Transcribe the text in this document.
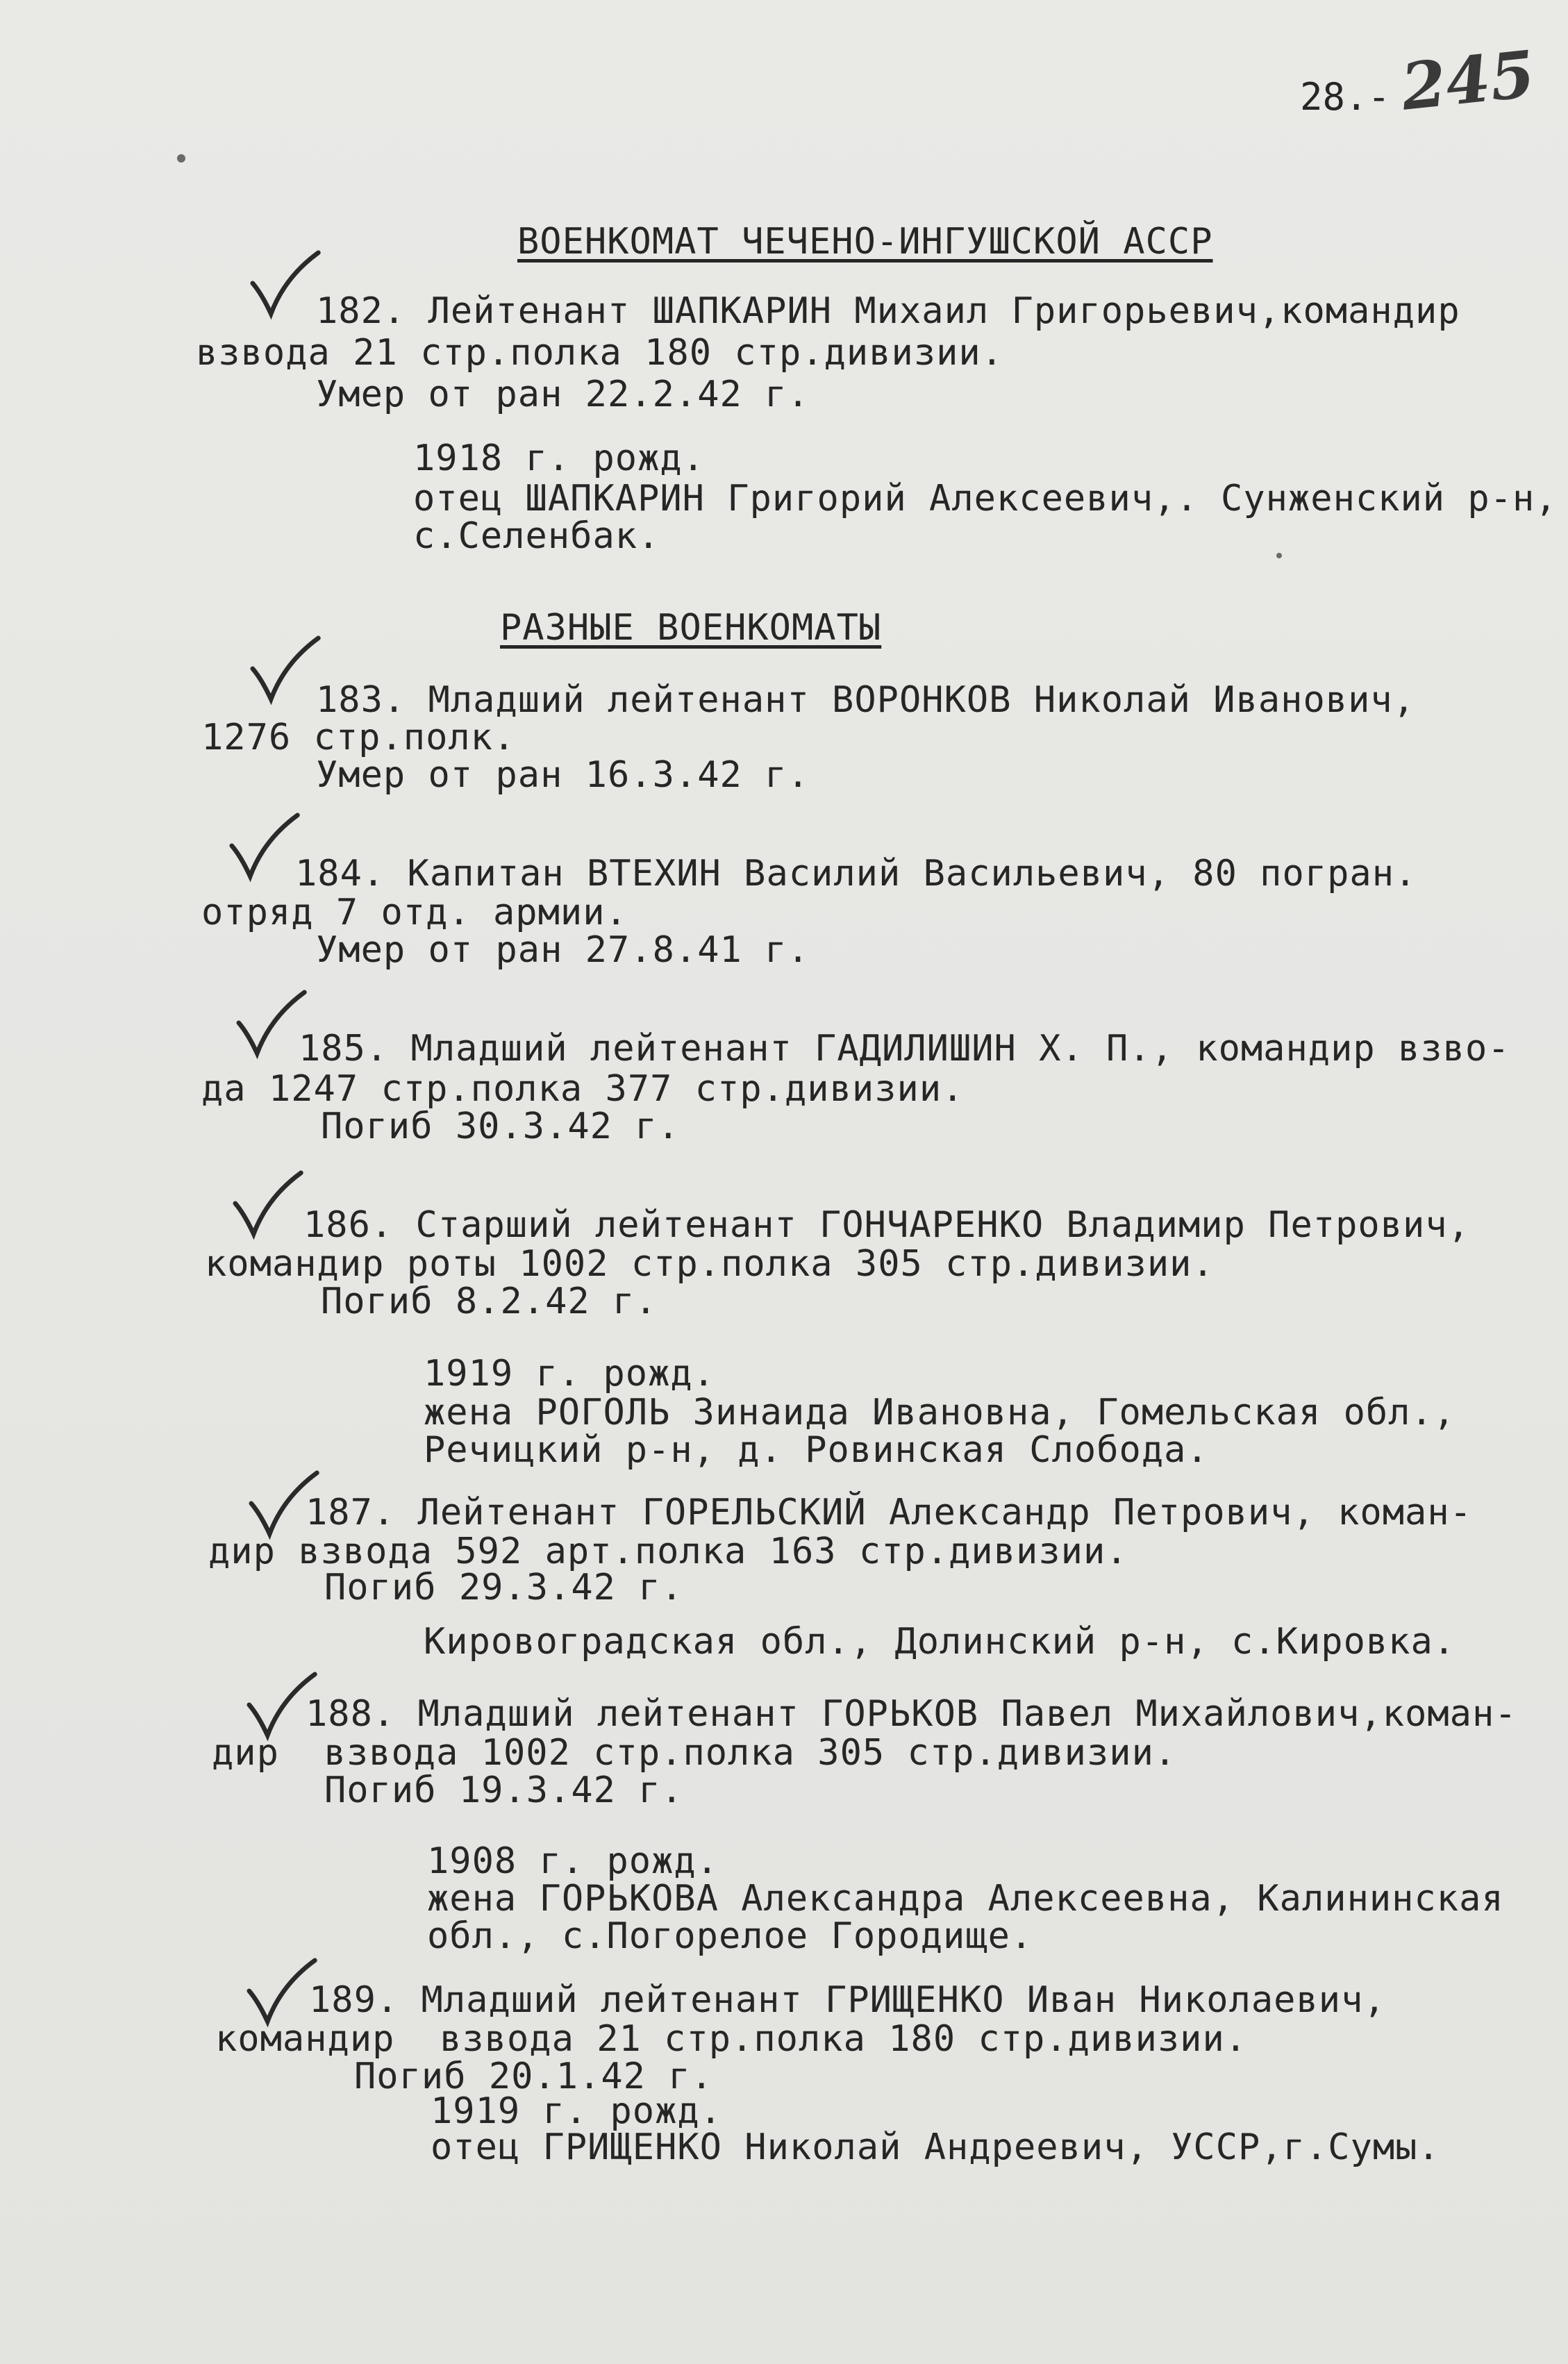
28.- 245
ВОЕНКОМАТ ЧЕЧЕНО-ИНГУШСКОЙ АССР
182. Лейтенант ШАПКАРИН Михаил Григорьевич,командир
взвода 21 стр.полка 180 стр.дивизии.
Умер от ран 22.2.42 г.
1918 г. рожд.
отец ШАПКАРИН Григорий Алексеевич,. Сунженский р-н,
с.Селенбак.
РАЗНЫЕ ВОЕНКОМАТЫ
183. Младший лейтенант ВОРОНКОВ Николай Иванович,
1276 стр.полк.
Умер от ран 16.3.42 г.
184. Капитан ВТЕХИН Василий Васильевич, 80 погран.
отряд 7 отд. армии.
Умер от ран 27.8.41 г.
185. Младший лейтенант ГАДИЛИШИН Х. П., командир взво-
да 1247 стр.полка 377 стр.дивизии.
Погиб 30.3.42 г.
186. Старший лейтенант ГОНЧАРЕНКО Владимир Петрович,
командир роты 1002 стр.полка 305 стр.дивизии.
Погиб 8.2.42 г.
1919 г. рожд.
жена РОГОЛЬ Зинаида Ивановна, Гомельская обл.,
Речицкий р-н, д. Ровинская Слобода.
187. Лейтенант ГОРЕЛЬСКИЙ Александр Петрович, коман-
дир взвода 592 арт.полка 163 стр.дивизии.
Погиб 29.3.42 г.
Кировоградская обл., Долинский р-н, с.Кировка.
188. Младший лейтенант ГОРЬКОВ Павел Михайлович,коман-
дир  взвода 1002 стр.полка 305 стр.дивизии.
Погиб 19.3.42 г.
1908 г. рожд.
жена ГОРЬКОВА Александра Алексеевна, Калининская
обл., с.Погорелое Городище.
189. Младший лейтенант ГРИЩЕНКО Иван Николаевич,
командир  взвода 21 стр.полка 180 стр.дивизии.
Погиб 20.1.42 г.
1919 г. рожд.
отец ГРИЩЕНКО Николай Андреевич, УССР,г.Сумы.
